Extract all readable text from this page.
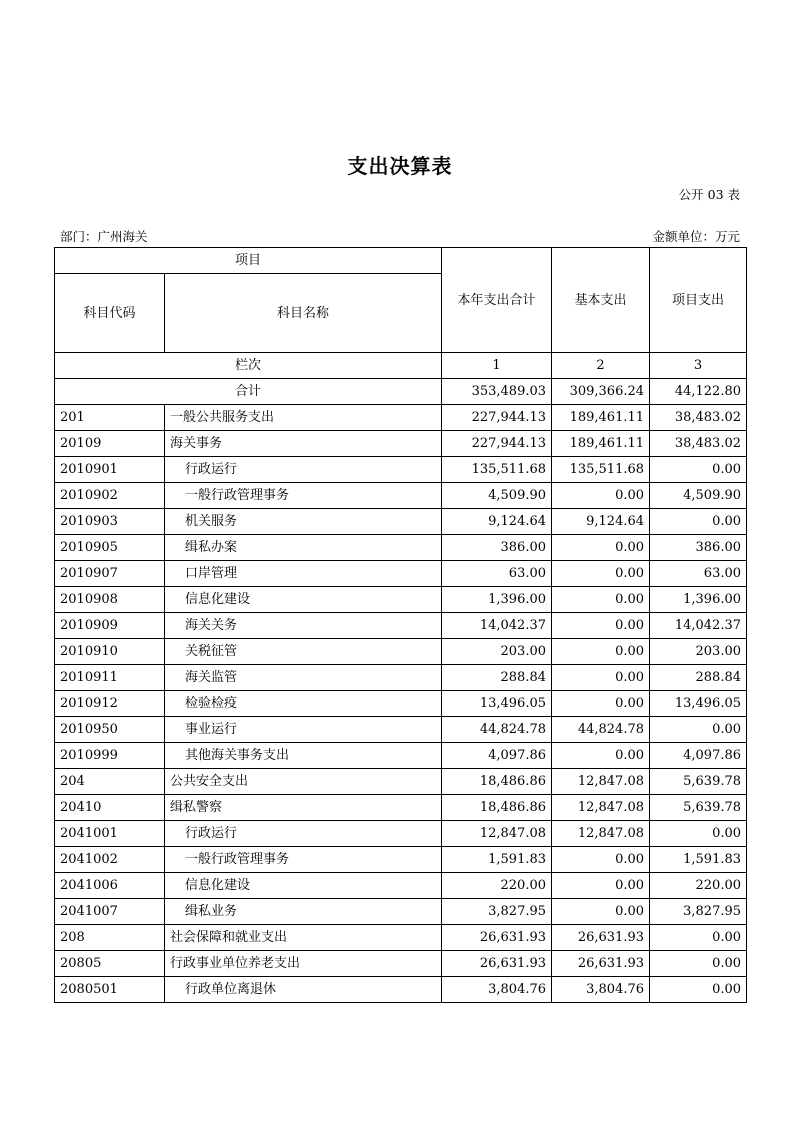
支出决算表
公开 03 表
部门：广州海关	金额单位：万元
项目		本年支出合计	基本支出	项目支出
科目代码	科目名称			
栏次		1	2	3
合计		353,489.03	309,366.24	44,122.80
201	一般公共服务支出	227,944.13	189,461.11	38,483.02
20109	海关事务	227,944.13	189,461.11	38,483.02
2010901	行政运行	135,511.68	135,511.68	0.00
2010902	一般行政管理事务	4,509.90	0.00	4,509.90
2010903	机关服务	9,124.64	9,124.64	0.00
2010905	缉私办案	386.00	0.00	386.00
2010907	口岸管理	63.00	0.00	63.00
2010908	信息化建设	1,396.00	0.00	1,396.00
2010909	海关关务	14,042.37	0.00	14,042.37
2010910	关税征管	203.00	0.00	203.00
2010911	海关监管	288.84	0.00	288.84
2010912	检验检疫	13,496.05	0.00	13,496.05
2010950	事业运行	44,824.78	44,824.78	0.00
2010999	其他海关事务支出	4,097.86	0.00	4,097.86
204	公共安全支出	18,486.86	12,847.08	5,639.78
20410	缉私警察	18,486.86	12,847.08	5,639.78
2041001	行政运行	12,847.08	12,847.08	0.00
2041002	一般行政管理事务	1,591.83	0.00	1,591.83
2041006	信息化建设	220.00	0.00	220.00
2041007	缉私业务	3,827.95	0.00	3,827.95
208	社会保障和就业支出	26,631.93	26,631.93	0.00
20805	行政事业单位养老支出	26,631.93	26,631.93	0.00
2080501	行政单位离退休	3,804.76	3,804.76	0.00
